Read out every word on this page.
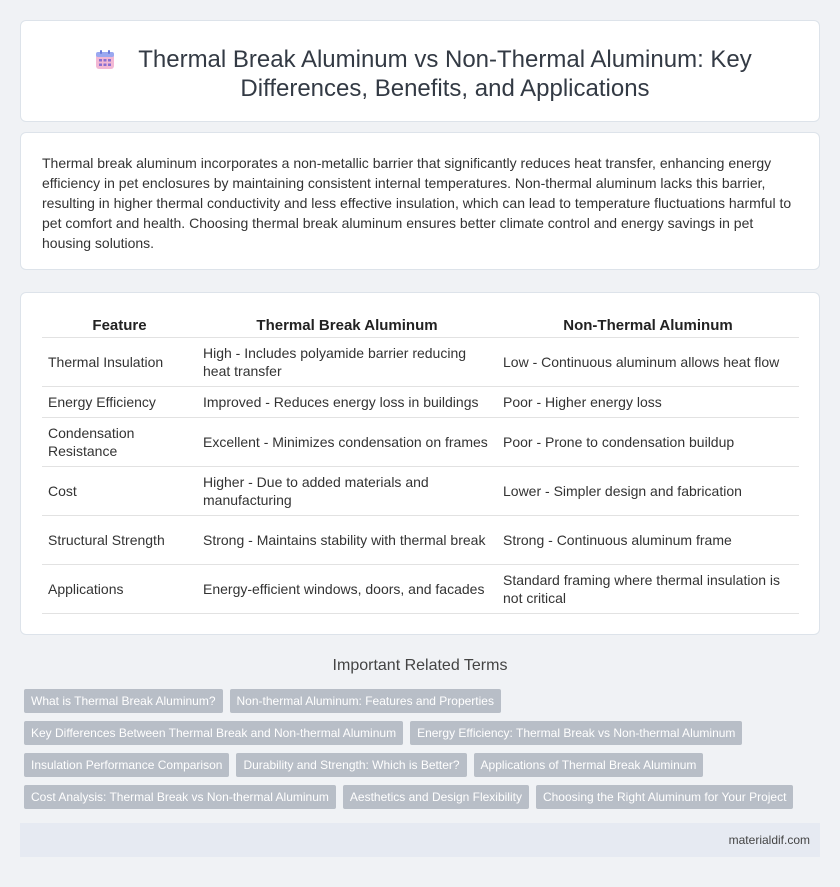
Thermal Break Aluminum vs Non-Thermal Aluminum: Key Differences, Benefits, and Applications

Thermal break aluminum incorporates a non-metallic barrier that significantly reduces heat transfer, enhancing energy efficiency in pet enclosures by maintaining consistent internal temperatures. Non-thermal aluminum lacks this barrier, resulting in higher thermal conductivity and less effective insulation, which can lead to temperature fluctuations harmful to pet comfort and health. Choosing thermal break aluminum ensures better climate control and energy savings in pet housing solutions.

Feature	Thermal Break Aluminum	Non-Thermal Aluminum
Thermal Insulation	High - Includes polyamide barrier reducing heat transfer	Low - Continuous aluminum allows heat flow
Energy Efficiency	Improved - Reduces energy loss in buildings	Poor - Higher energy loss
Condensation Resistance	Excellent - Minimizes condensation on frames	Poor - Prone to condensation buildup
Cost	Higher - Due to added materials and manufacturing	Lower - Simpler design and fabrication
Structural Strength	Strong - Maintains stability with thermal break	Strong - Continuous aluminum frame
Applications	Energy-efficient windows, doors, and facades	Standard framing where thermal insulation is not critical
Important Related Terms
What is Thermal Break Aluminum?	Non-thermal Aluminum: Features and Properties
Key Differences Between Thermal Break and Non-thermal Aluminum	Energy Efficiency: Thermal Break vs Non-thermal Aluminum
Insulation Performance Comparison	Durability and Strength: Which is Better?	Applications of Thermal Break Aluminum
Cost Analysis: Thermal Break vs Non-thermal Aluminum	Aesthetics and Design Flexibility	Choosing the Right Aluminum for Your Project
materialdif.com
